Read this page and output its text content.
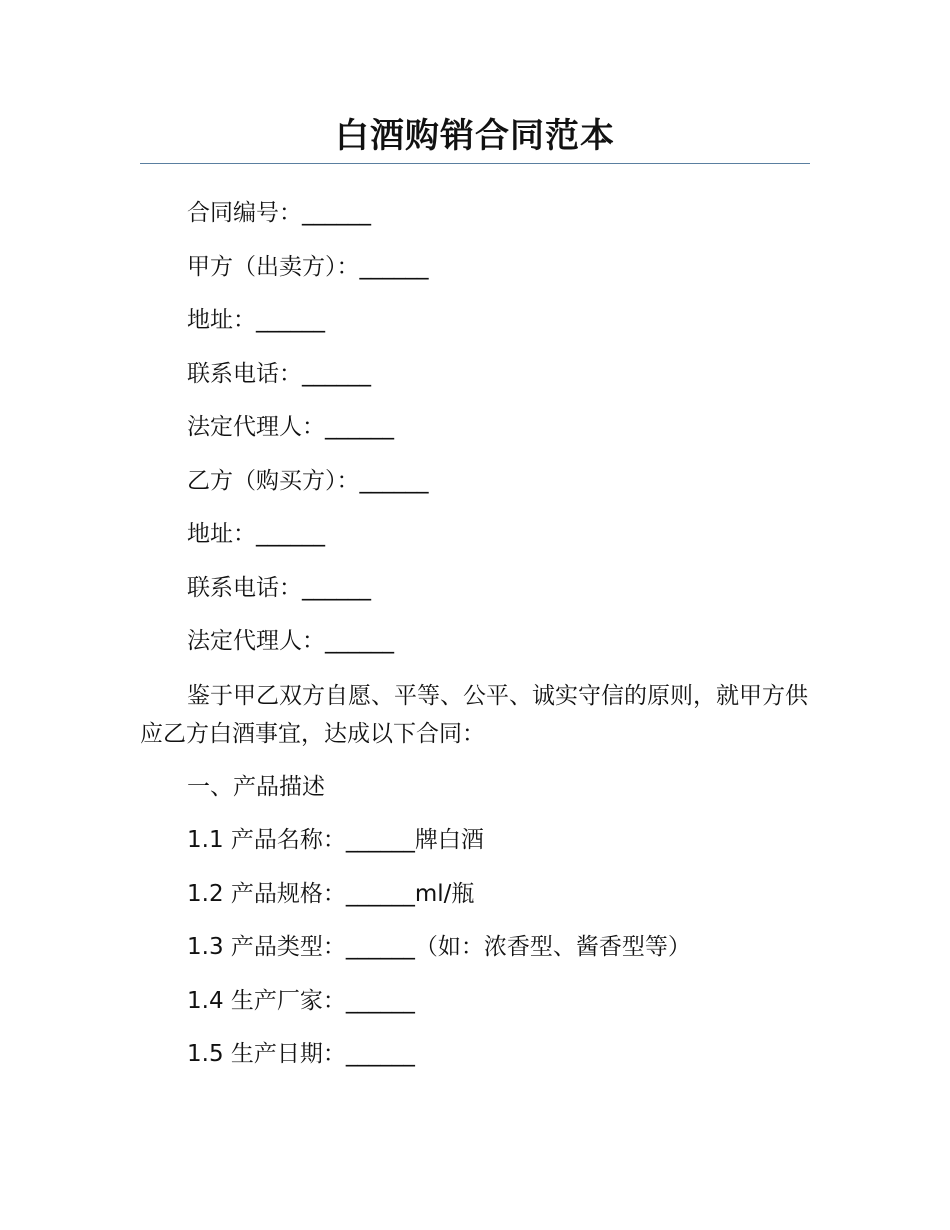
白酒购销合同范本

合同编号：______

甲方（出卖方）：______

地址：______

联系电话：______

法定代理人：______

乙方（购买方）：______

地址：______

联系电话：______

法定代理人：______

鉴于甲乙双方自愿、平等、公平、诚实守信的原则，就甲方供应乙方白酒事宜，达成以下合同：

一、产品描述

1.1 产品名称：______牌白酒

1.2 产品规格：______ml/瓶

1.3 产品类型：______（如：浓香型、酱香型等）

1.4 生产厂家：______

1.5 生产日期：______
